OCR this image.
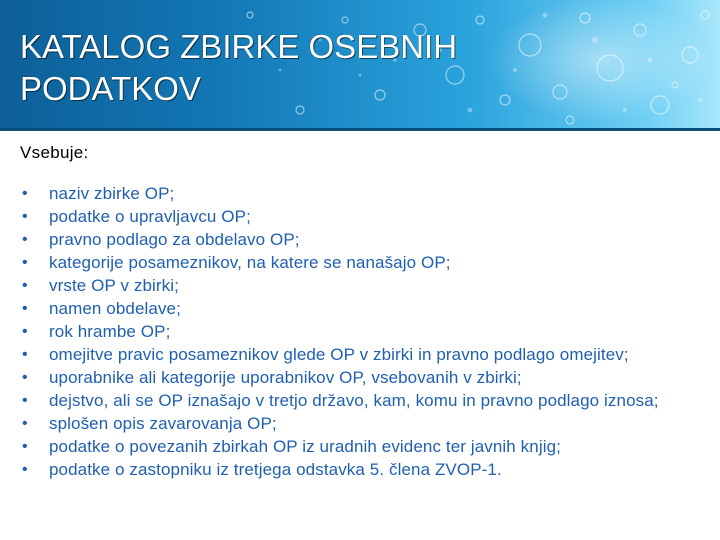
KATALOG ZBIRKE OSEBNIH
PODATKOV
Vsebuje:
• naziv zbirke OP;
• podatke o upravljavcu OP;
• pravno podlago za obdelavo OP;
• kategorije posameznikov, na katere se nanašajo OP;
• vrste OP v zbirki;
• namen obdelave;
• rok hrambe OP;
• omejitve pravic posameznikov glede OP v zbirki in pravno podlago omejitev;
• uporabnike ali kategorije uporabnikov OP, vsebovanih v zbirki;
• dejstvo, ali se OP iznašajo v tretjo državo, kam, komu in pravno podlago iznosa;
• splošen opis zavarovanja OP;
• podatke o povezanih zbirkah OP iz uradnih evidenc ter javnih knjig;
• podatke o zastopniku iz tretjega odstavka 5. člena ZVOP-1.
